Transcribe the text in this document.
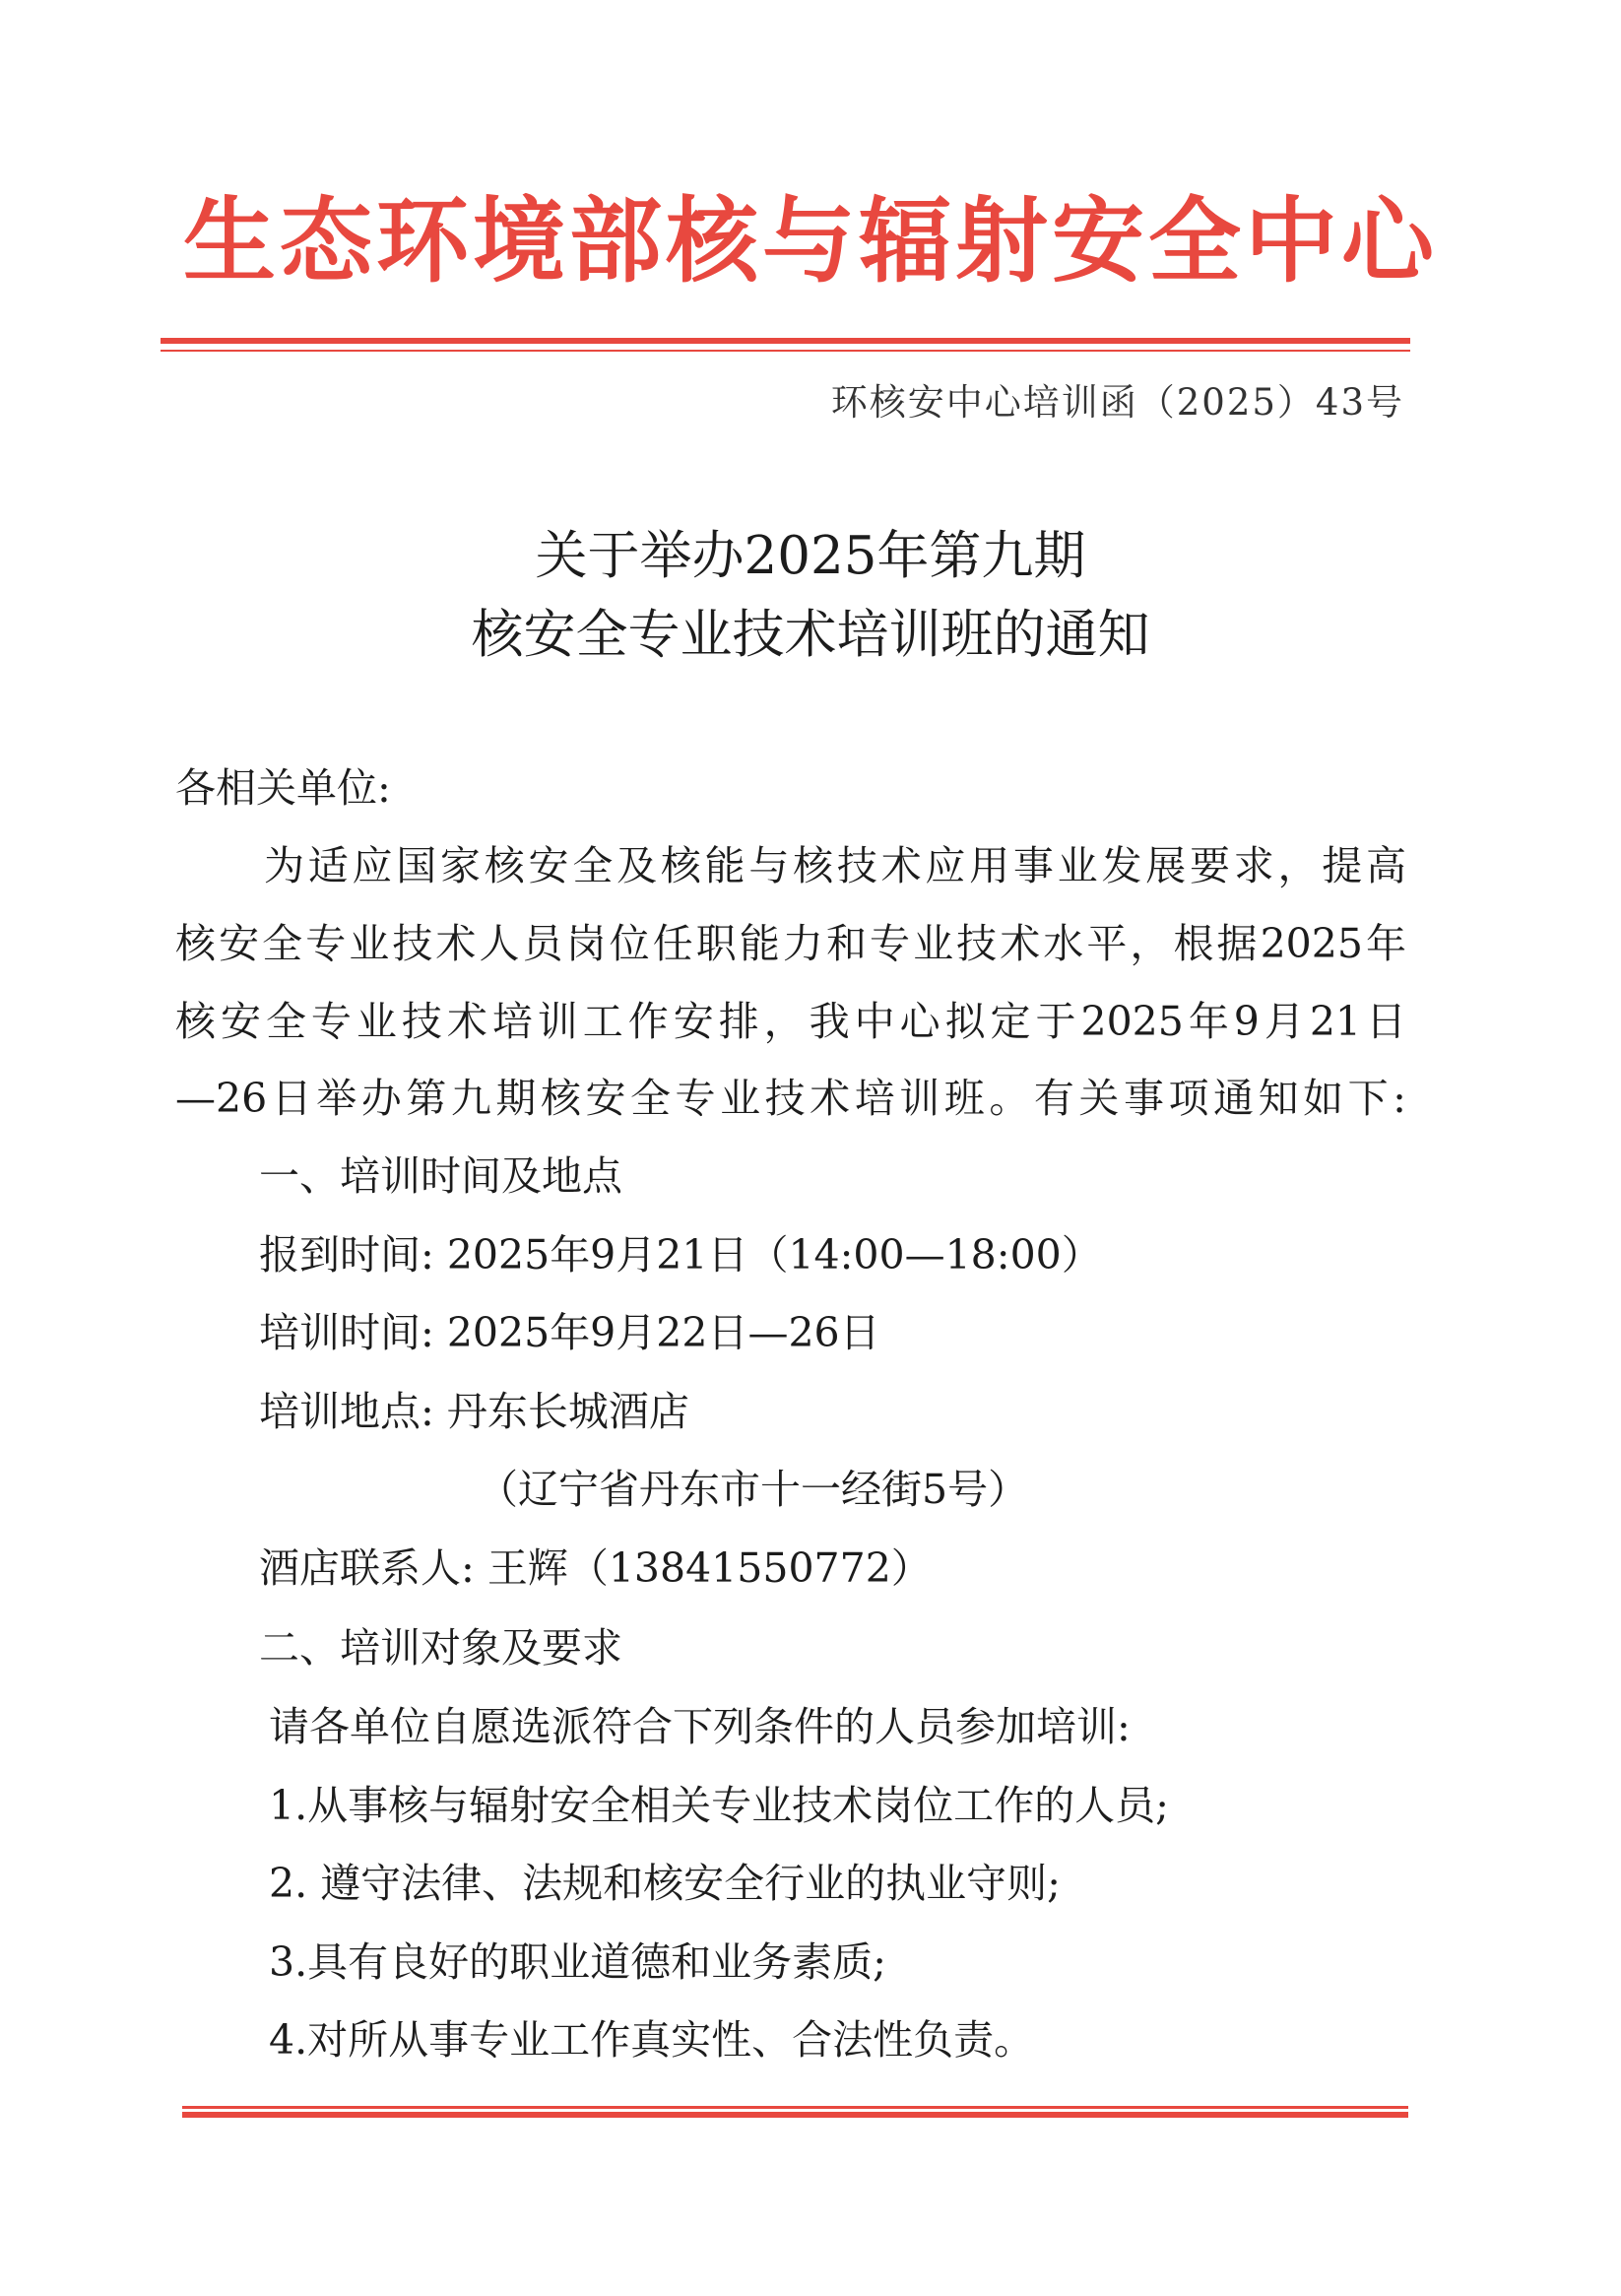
生态环境部核与辐射安全中心
环核安中心培训函（2025）43号
关于举办2025年第九期
核安全专业技术培训班的通知
各相关单位:
为适应国家核安全及核能与核技术应用事业发展要求，提高
核安全专业技术人员岗位任职能力和专业技术水平，根据2025年
核安全专业技术培训工作安排，我中心拟定于2025年9月21日
—26日举办第九期核安全专业技术培训班。有关事项通知如下:
一、培训时间及地点
报到时间: 2025年9月21日（14:00—18:00）
培训时间: 2025年9月22日—26日
培训地点: 丹东长城酒店
（辽宁省丹东市十一经街5号）
酒店联系人: 王辉（13841550772）
二、培训对象及要求
请各单位自愿选派符合下列条件的人员参加培训:
1.从事核与辐射安全相关专业技术岗位工作的人员;
2. 遵守法律、法规和核安全行业的执业守则;
3.具有良好的职业道德和业务素质;
4.对所从事专业工作真实性、合法性负责。
